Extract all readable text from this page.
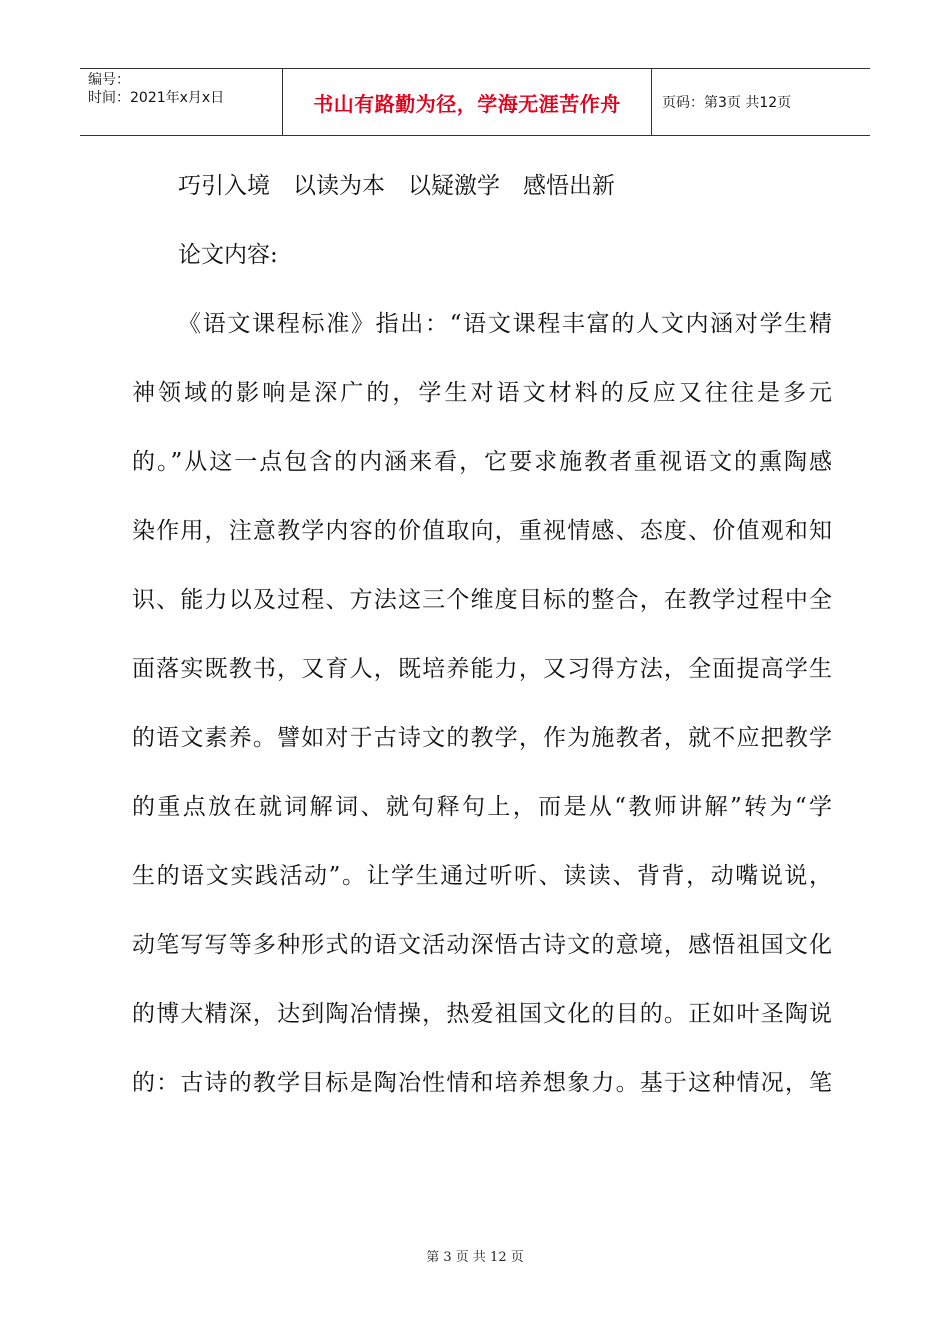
编号：
时间：2021年x月x日	书山有路勤为径，学海无涯苦作舟	页码：第3页 共12页
巧引入境　以读为本　以疑激学　感悟出新
论文内容:
《语文课程标准》指出：“语文课程丰富的人文内涵对学生精
神领域的影响是深广的，学生对语文材料的反应又往往是多元
的。”从这一点包含的内涵来看，它要求施教者重视语文的熏陶感
染作用，注意教学内容的价值取向，重视情感、态度、价值观和知
识、能力以及过程、方法这三个维度目标的整合，在教学过程中全
面落实既教书，又育人，既培养能力，又习得方法，全面提高学生
的语文素养。譬如对于古诗文的教学，作为施教者，就不应把教学
的重点放在就词解词、就句释句上，而是从“教师讲解”转为“学
生的语文实践活动”。让学生通过听听、读读、背背，动嘴说说，
动笔写写等多种形式的语文活动深悟古诗文的意境，感悟祖国文化
的博大精深，达到陶冶情操，热爱祖国文化的目的。正如叶圣陶说
的：古诗的教学目标是陶冶性情和培养想象力。基于这种情况，笔
第 3 页 共 12 页
